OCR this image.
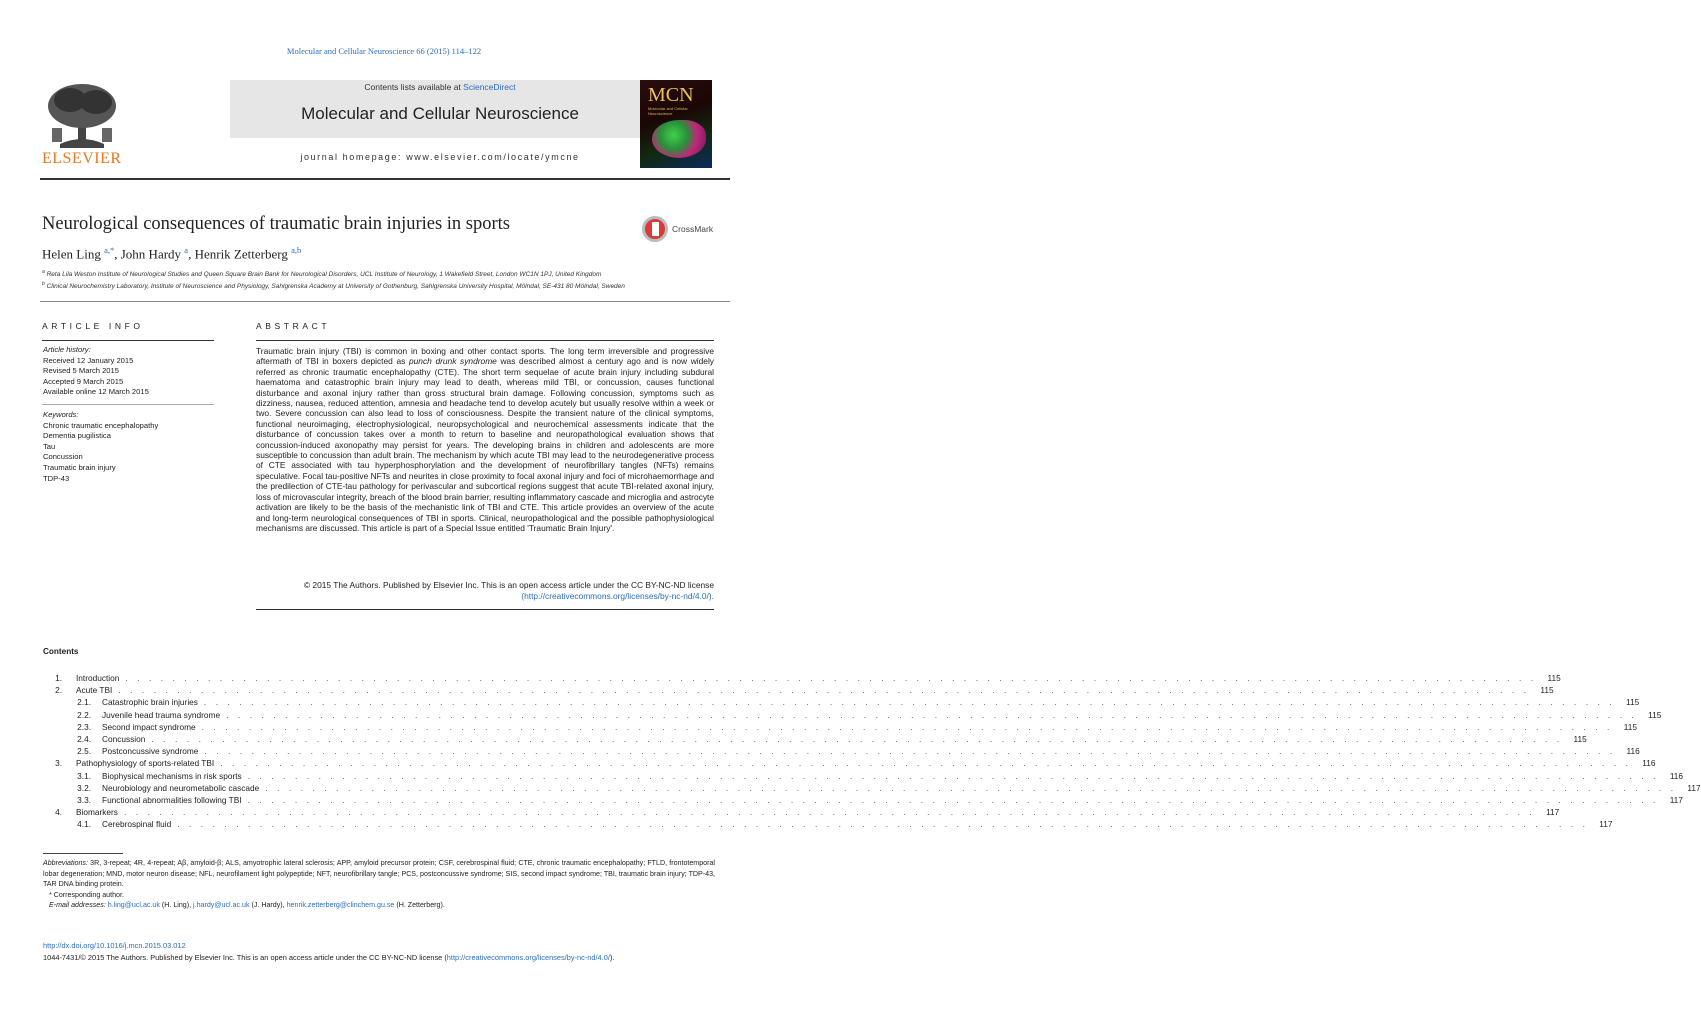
Molecular and Cellular Neuroscience 66 (2015) 114–122
ELSEVIER
Contents lists available at ScienceDirect
Molecular and Cellular Neuroscience
journal homepage: www.elsevier.com/locate/ymcne
MCN
Molecular and Cellular Neuroscience
Neurological consequences of traumatic brain injuries in sports	CrossMark
Helen Ling $^{a,*}$, John Hardy $^a$, Henrik Zetterberg $^{a,b}$
$^a$ Reta Lila Weston Institute of Neurological Studies and Queen Square Brain Bank for Neurological Disorders, UCL Institute of Neurology, 1 Wakefield Street, London WC1N 1PJ, United Kingdom
$^b$ Clinical Neurochemistry Laboratory, Institute of Neuroscience and Physiology, Sahlgrenska Academy at University of Gothenburg, Sahlgrenska University Hospital, Mölndal, SE-431 80 Mölndal, Sweden
ARTICLE INFO	ABSTRACT
Article history:
Received 12 January 2015
Revised 5 March 2015
Accepted 9 March 2015
Available online 12 March 2015
Keywords:
Chronic traumatic encephalopathy
Dementia pugilistica
Tau
Concussion
Traumatic brain injury
TDP-43
Traumatic brain injury (TBI) is common in boxing and other contact sports. The long term irreversible and progressive aftermath of TBI in boxers depicted as punch drunk syndrome was described almost a century ago and is now widely referred as chronic traumatic encephalopathy (CTE). The short term sequelae of acute brain injury including subdural haematoma and catastrophic brain injury may lead to death, whereas mild TBI, or concussion, causes functional disturbance and axonal injury rather than gross structural brain damage. Following concussion, symptoms such as dizziness, nausea, reduced attention, amnesia and headache tend to develop acutely but usually resolve within a week or two. Severe concussion can also lead to loss of consciousness. Despite the transient nature of the clinical symptoms, functional neuroimaging, electrophysiological, neuropsychological and neurochemical assessments indicate that the disturbance of concussion takes over a month to return to baseline and neuropathological evaluation shows that concussion-induced axonopathy may persist for years. The developing brains in children and adolescents are more susceptible to concussion than adult brain. The mechanism by which acute TBI may lead to the neurodegenerative process of CTE associated with tau hyperphosphorylation and the development of neurofibrillary tangles (NFTs) remains speculative. Focal tau-positive NFTs and neurites in close proximity to focal axonal injury and foci of microhaemorrhage and the predilection of CTE-tau pathology for perivascular and subcortical regions suggest that acute TBI-related axonal injury, loss of microvascular integrity, breach of the blood brain barrier, resulting inflammatory cascade and microglia and astrocyte activation are likely to be the basis of the mechanistic link of TBI and CTE. This article provides an overview of the acute and long-term neurological consequences of TBI in sports. Clinical, neuropathological and the possible pathophysiological mechanisms are discussed. This article is part of a Special Issue entitled 'Traumatic Brain Injury'.
© 2015 The Authors. Published by Elsevier Inc. This is an open access article under the CC BY-NC-ND license
(http://creativecommons.org/licenses/by-nc-nd/4.0/).
Contents
1.	Introduction . . . . . . . . . . . . . . . . . . . . . . . . . . . . . . . . . . . . . . . . . . . . . . . . . . . . . . . . . . . . . . . . . . . . . . . . . . . . . . . . . . . . . . . . . . . . . . . . . . . . . . . . . . . . . . . . . . . . . . . .	115
2.	Acute TBI . . . . . . . . . . . . . . . . . . . . . . . . . . . . . . . . . . . . . . . . . . . . . . . . . . . . . . . . . . . . . . . . . . . . . . . . . . . . . . . . . . . . . . . . . . . . . . . . . . . . . . . . . . . . . . . . . . . . . . . .	115
2.1.	Catastrophic brain injuries . . . . . . . . . . . . . . . . . . . . . . . . . . . . . . . . . . . . . . . . . . . . . . . . . . . . . . . . . . . . . . . . . . . . . . . . . . . . . . . . . . . . . . . . . . . . . . . . . . . . . . . . . . . . . . . . . . . . . . . .	115
2.2.	Juvenile head trauma syndrome . . . . . . . . . . . . . . . . . . . . . . . . . . . . . . . . . . . . . . . . . . . . . . . . . . . . . . . . . . . . . . . . . . . . . . . . . . . . . . . . . . . . . . . . . . . . . . . . . . . . . . . . . . . . . . . . . . . . . . . .	115
2.3.	Second impact syndrome . . . . . . . . . . . . . . . . . . . . . . . . . . . . . . . . . . . . . . . . . . . . . . . . . . . . . . . . . . . . . . . . . . . . . . . . . . . . . . . . . . . . . . . . . . . . . . . . . . . . . . . . . . . . . . . . . . . . . . . .	115
2.4.	Concussion . . . . . . . . . . . . . . . . . . . . . . . . . . . . . . . . . . . . . . . . . . . . . . . . . . . . . . . . . . . . . . . . . . . . . . . . . . . . . . . . . . . . . . . . . . . . . . . . . . . . . . . . . . . . . . . . . . . . . . . .	115
2.5.	Postconcussive syndrome . . . . . . . . . . . . . . . . . . . . . . . . . . . . . . . . . . . . . . . . . . . . . . . . . . . . . . . . . . . . . . . . . . . . . . . . . . . . . . . . . . . . . . . . . . . . . . . . . . . . . . . . . . . . . . . . . . . . . . . .	116
3.	Pathophysiology of sports-related TBI . . . . . . . . . . . . . . . . . . . . . . . . . . . . . . . . . . . . . . . . . . . . . . . . . . . . . . . . . . . . . . . . . . . . . . . . . . . . . . . . . . . . . . . . . . . . . . . . . . . . . . . . . . . . . . . . . . . . . . . .	116
3.1.	Biophysical mechanisms in risk sports . . . . . . . . . . . . . . . . . . . . . . . . . . . . . . . . . . . . . . . . . . . . . . . . . . . . . . . . . . . . . . . . . . . . . . . . . . . . . . . . . . . . . . . . . . . . . . . . . . . . . . . . . . . . . . . . . . . . . . . .	116
3.2.	Neurobiology and neurometabolic cascade . . . . . . . . . . . . . . . . . . . . . . . . . . . . . . . . . . . . . . . . . . . . . . . . . . . . . . . . . . . . . . . . . . . . . . . . . . . . . . . . . . . . . . . . . . . . . . . . . . . . . . . . . . . . . . . . . . . . . . . .	117
3.3.	Functional abnormalities following TBI . . . . . . . . . . . . . . . . . . . . . . . . . . . . . . . . . . . . . . . . . . . . . . . . . . . . . . . . . . . . . . . . . . . . . . . . . . . . . . . . . . . . . . . . . . . . . . . . . . . . . . . . . . . . . . . . . . . . . . . .	117
4.	Biomarkers . . . . . . . . . . . . . . . . . . . . . . . . . . . . . . . . . . . . . . . . . . . . . . . . . . . . . . . . . . . . . . . . . . . . . . . . . . . . . . . . . . . . . . . . . . . . . . . . . . . . . . . . . . . . . . . . . . . . . . . .	117
4.1.	Cerebrospinal fluid . . . . . . . . . . . . . . . . . . . . . . . . . . . . . . . . . . . . . . . . . . . . . . . . . . . . . . . . . . . . . . . . . . . . . . . . . . . . . . . . . . . . . . . . . . . . . . . . . . . . . . . . . . . . . . . . . . . . . . . .	117
Abbreviations: 3R, 3-repeat; 4R, 4-repeat; Aβ, amyloid-β; ALS, amyotrophic lateral sclerosis; APP, amyloid precursor protein; CSF, cerebrospinal fluid; CTE, chronic traumatic encephalopathy; FTLD, frontotemporal lobar degeneration; MND, motor neuron disease; NFL, neurofilament light polypeptide; NFT, neurofibrillary tangle; PCS, postconcussive syndrome; SIS, second impact syndrome; TBI, traumatic brain injury; TDP-43, TAR DNA binding protein.
* Corresponding author.
E-mail addresses: h.ling@ucl.ac.uk (H. Ling), j.hardy@ucl.ac.uk (J. Hardy), henrik.zetterberg@clinchem.gu.se (H. Zetterberg).
http://dx.doi.org/10.1016/j.mcn.2015.03.012
1044-7431/© 2015 The Authors. Published by Elsevier Inc. This is an open access article under the CC BY-NC-ND license (http://creativecommons.org/licenses/by-nc-nd/4.0/).
